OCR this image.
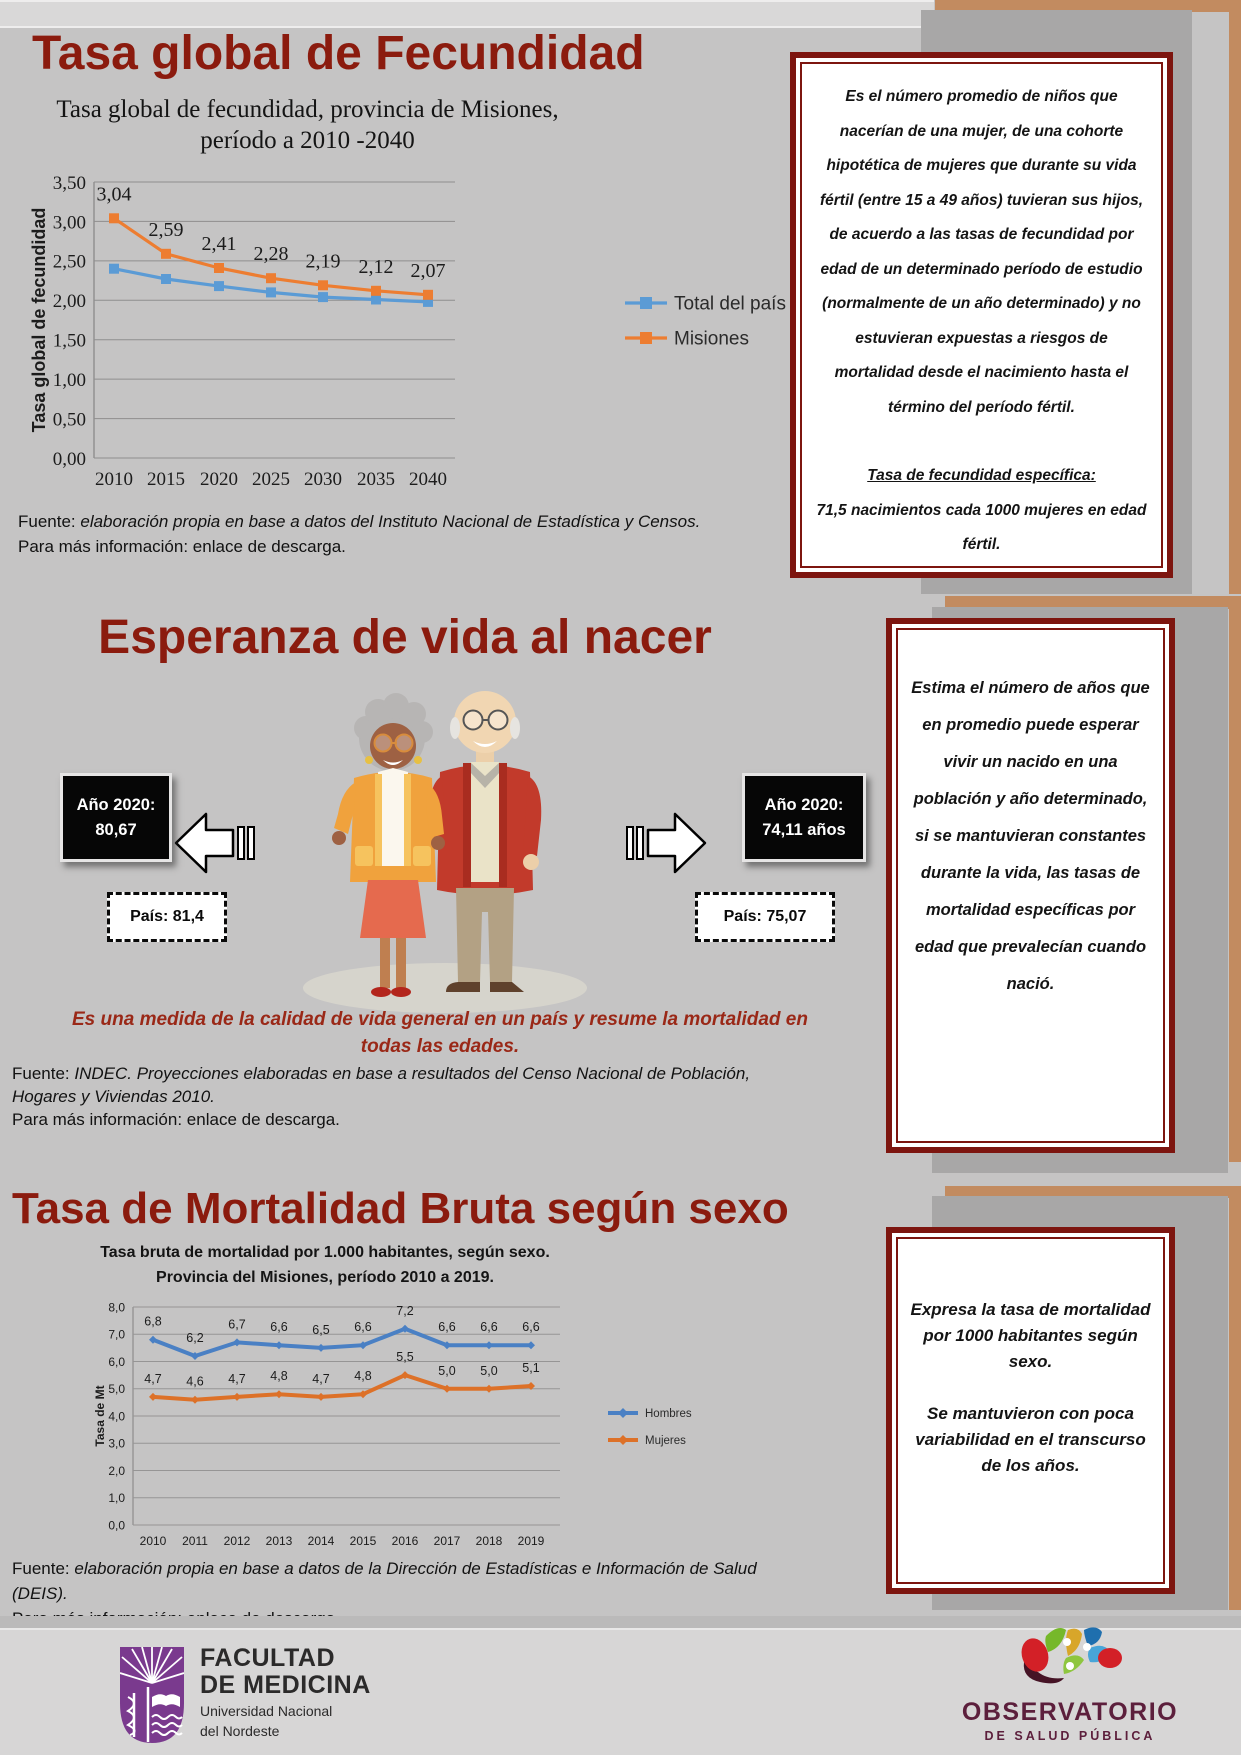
Tasa global de Fecundidad
Tasa global de fecundidad, provincia de Misiones,
período a 2010 -2040
0,00
0,50
1,00
1,50
2,00
2,50
3,00
3,50
2010 2015 2020 2025 2030 2035 2040
3,04
2,59
2,41 2,28 2,19 2,12 2,07
Tasa global de fecundidad	Total del país
Misiones
Fuente: elaboración propia en base a datos del Instituto Nacional de Estadística y Censos.
Para más información: enlace de descarga.
Es el número promedio de niños que nacerían de una mujer, de una cohorte hipotética de mujeres que durante su vida fértil (entre 15 a 49 años) tuvieran sus hijos, de acuerdo a las tasas de fecundidad por edad de un determinado período de estudio (normalmente de un año determinado) y no estuvieran expuestas a riesgos de mortalidad desde el nacimiento hasta el término del período fértil.
Tasa de fecundidad específica:
71,5 nacimientos cada 1000 mujeres en edad fértil.
Esperanza de vida al nacer
Año 2020:
80,67
País: 81,4
Año 2020:
74,11 años
País: 75,07
Es una medida de la calidad de vida general en un país y resume la mortalidad en todas las edades.
Fuente: INDEC. Proyecciones elaboradas en base a resultados del Censo Nacional de Población, Hogares y Viviendas 2010.
Para más información: enlace de descarga.
Estima el número de años que en promedio puede esperar vivir un nacido en una población y año determinado, si se mantuvieran constantes durante la vida, las tasas de mortalidad específicas por edad que prevalecían cuando nació.
Tasa de Mortalidad Bruta según sexo
Tasa bruta de mortalidad por 1.000 habitantes, según sexo.
Provincia del Misiones, período 2010 a 2019.
0,0
1,0
2,0
3,0
4,0
5,0
6,0
7,0
8,0
2010 2011 2012 2013 2014 2015 2016 2017 2018 2019
6,8
6,2
6,7 6,6 6,5 6,6
7,2
6,6 6,6 6,6
4,7 4,6 4,7 4,8 4,7 4,8
5,5
5,0 5,0 5,1
Tasa de Mt	Hombres
Mujeres
Fuente: elaboración propia en base a datos de la Dirección de Estadísticas e Información de Salud (DEIS).
Expresa la tasa de mortalidad por 1000 habitantes según sexo.
Se mantuvieron con poca variabilidad en el transcurso de los años.
FACULTAD
DE MEDICINA
Universidad Nacional
del Nordeste
OBSERVATORIO
DE SALUD PÚBLICA
